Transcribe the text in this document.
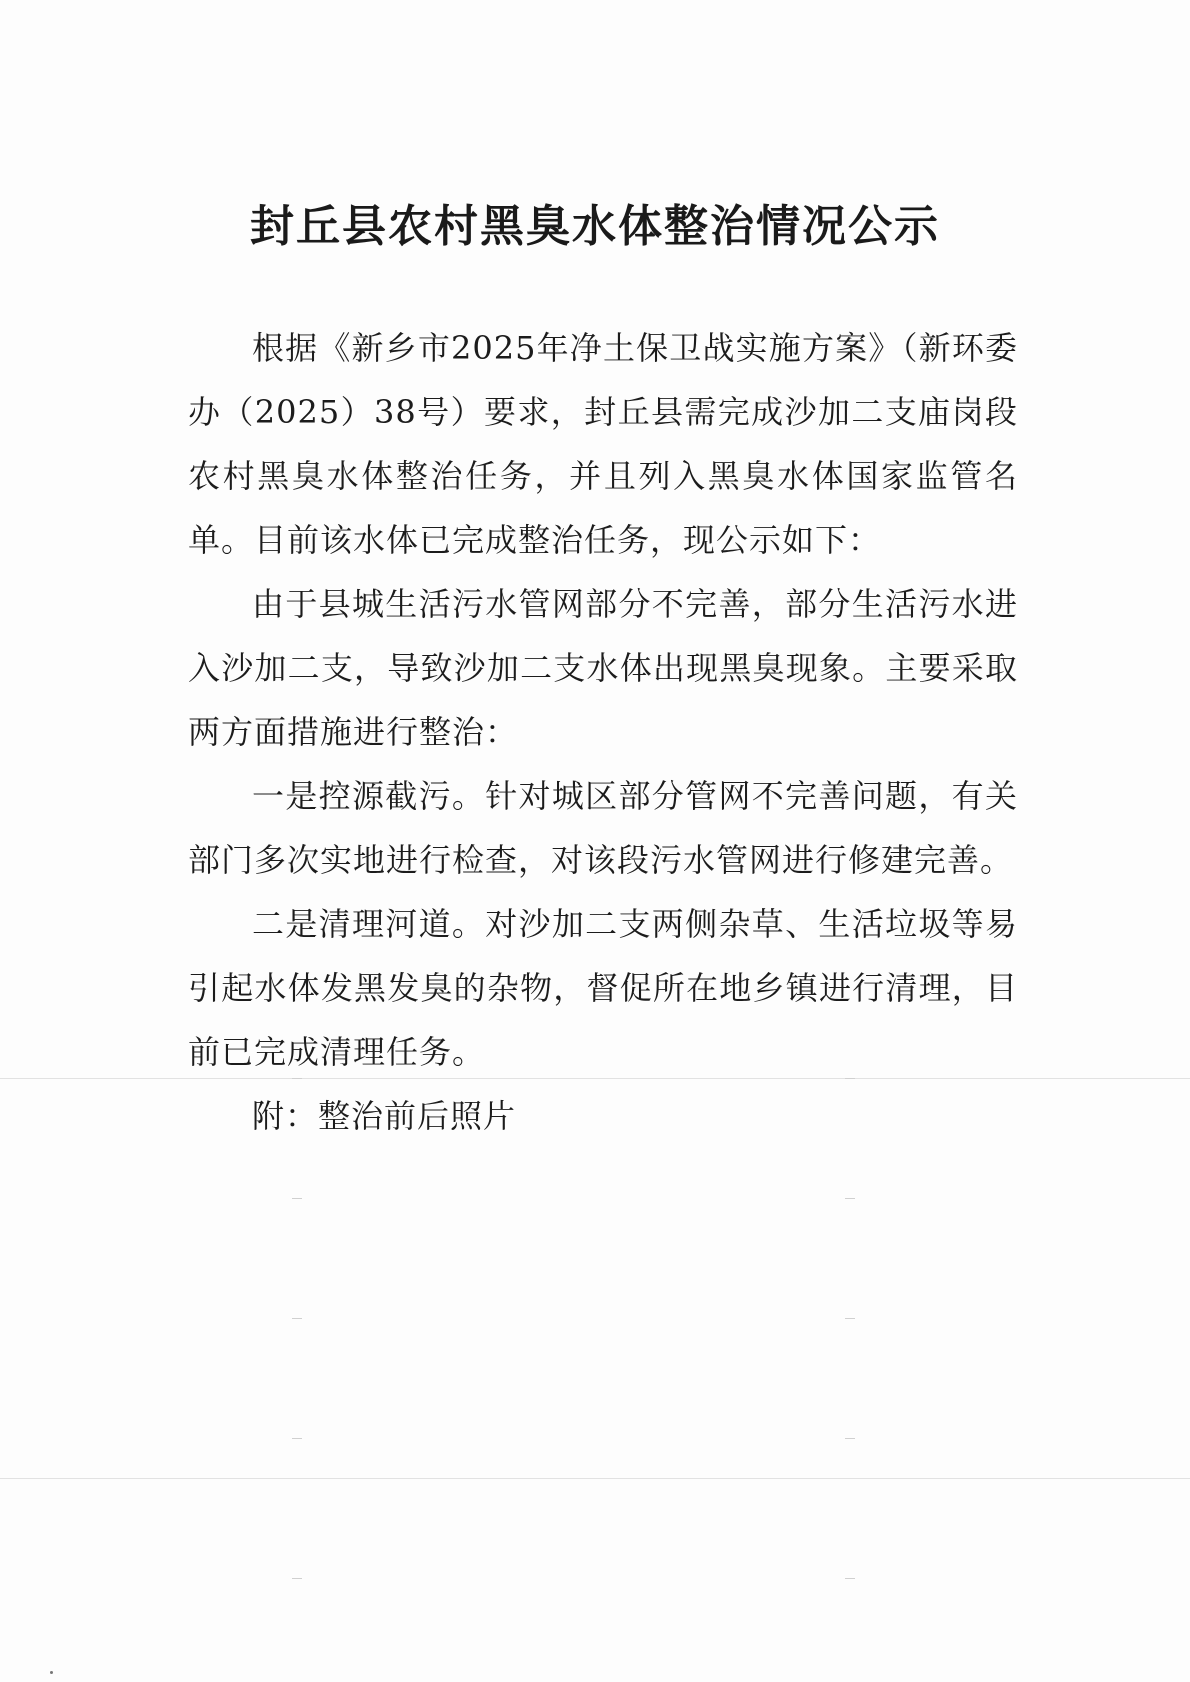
封丘县农村黑臭水体整治情况公示

根据《新乡市2025年净土保卫战实施方案》（新环委办（2025）38号）要求，封丘县需完成沙加二支庙岗段农村黑臭水体整治任务，并且列入黑臭水体国家监管名单。目前该水体已完成整治任务，现公示如下：

由于县城生活污水管网部分不完善，部分生活污水进入沙加二支，导致沙加二支水体出现黑臭现象。主要采取两方面措施进行整治：

一是控源截污。针对城区部分管网不完善问题，有关部门多次实地进行检查，对该段污水管网进行修建完善。

二是清理河道。对沙加二支两侧杂草、生活垃圾等易引起水体发黑发臭的杂物，督促所在地乡镇进行清理，目前已完成清理任务。

附：整治前后照片
